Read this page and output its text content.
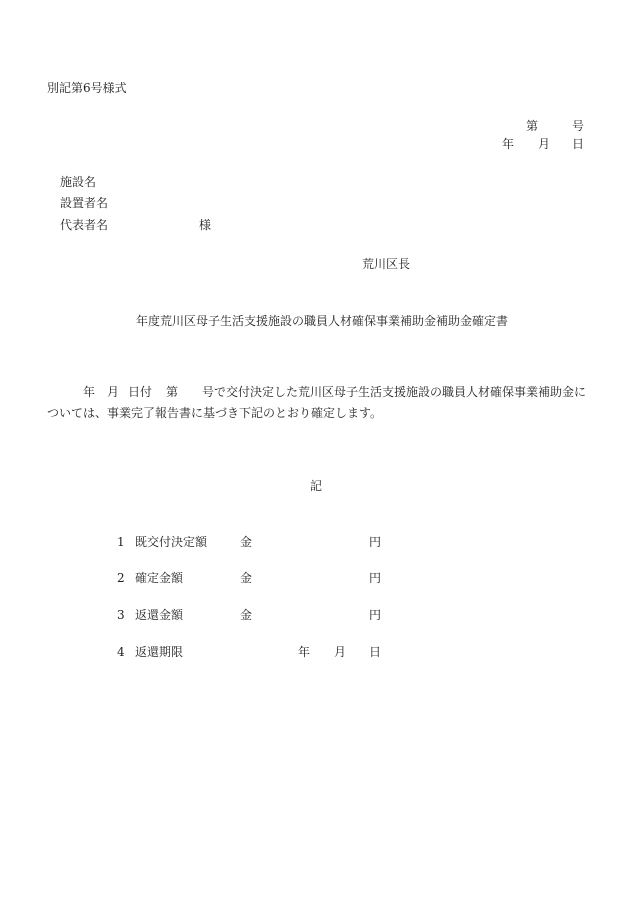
別記第6号様式
第	号
年 月 日
施設名
設置者名
代表者名	様
荒川区長
年度荒川区母子生活支援施設の職員人材確保事業補助金補助金確定書
年 月 日付 第 号で交付決定した荒川区母子生活支援施設の職員人材確保事業補助金に
ついては、事業完了報告書に基づき下記のとおり確定します。
記
1 既交付決定額	金	円
2 確定金額	金	円
3 返還金額	金	円
4 返還期限	年 月 日
